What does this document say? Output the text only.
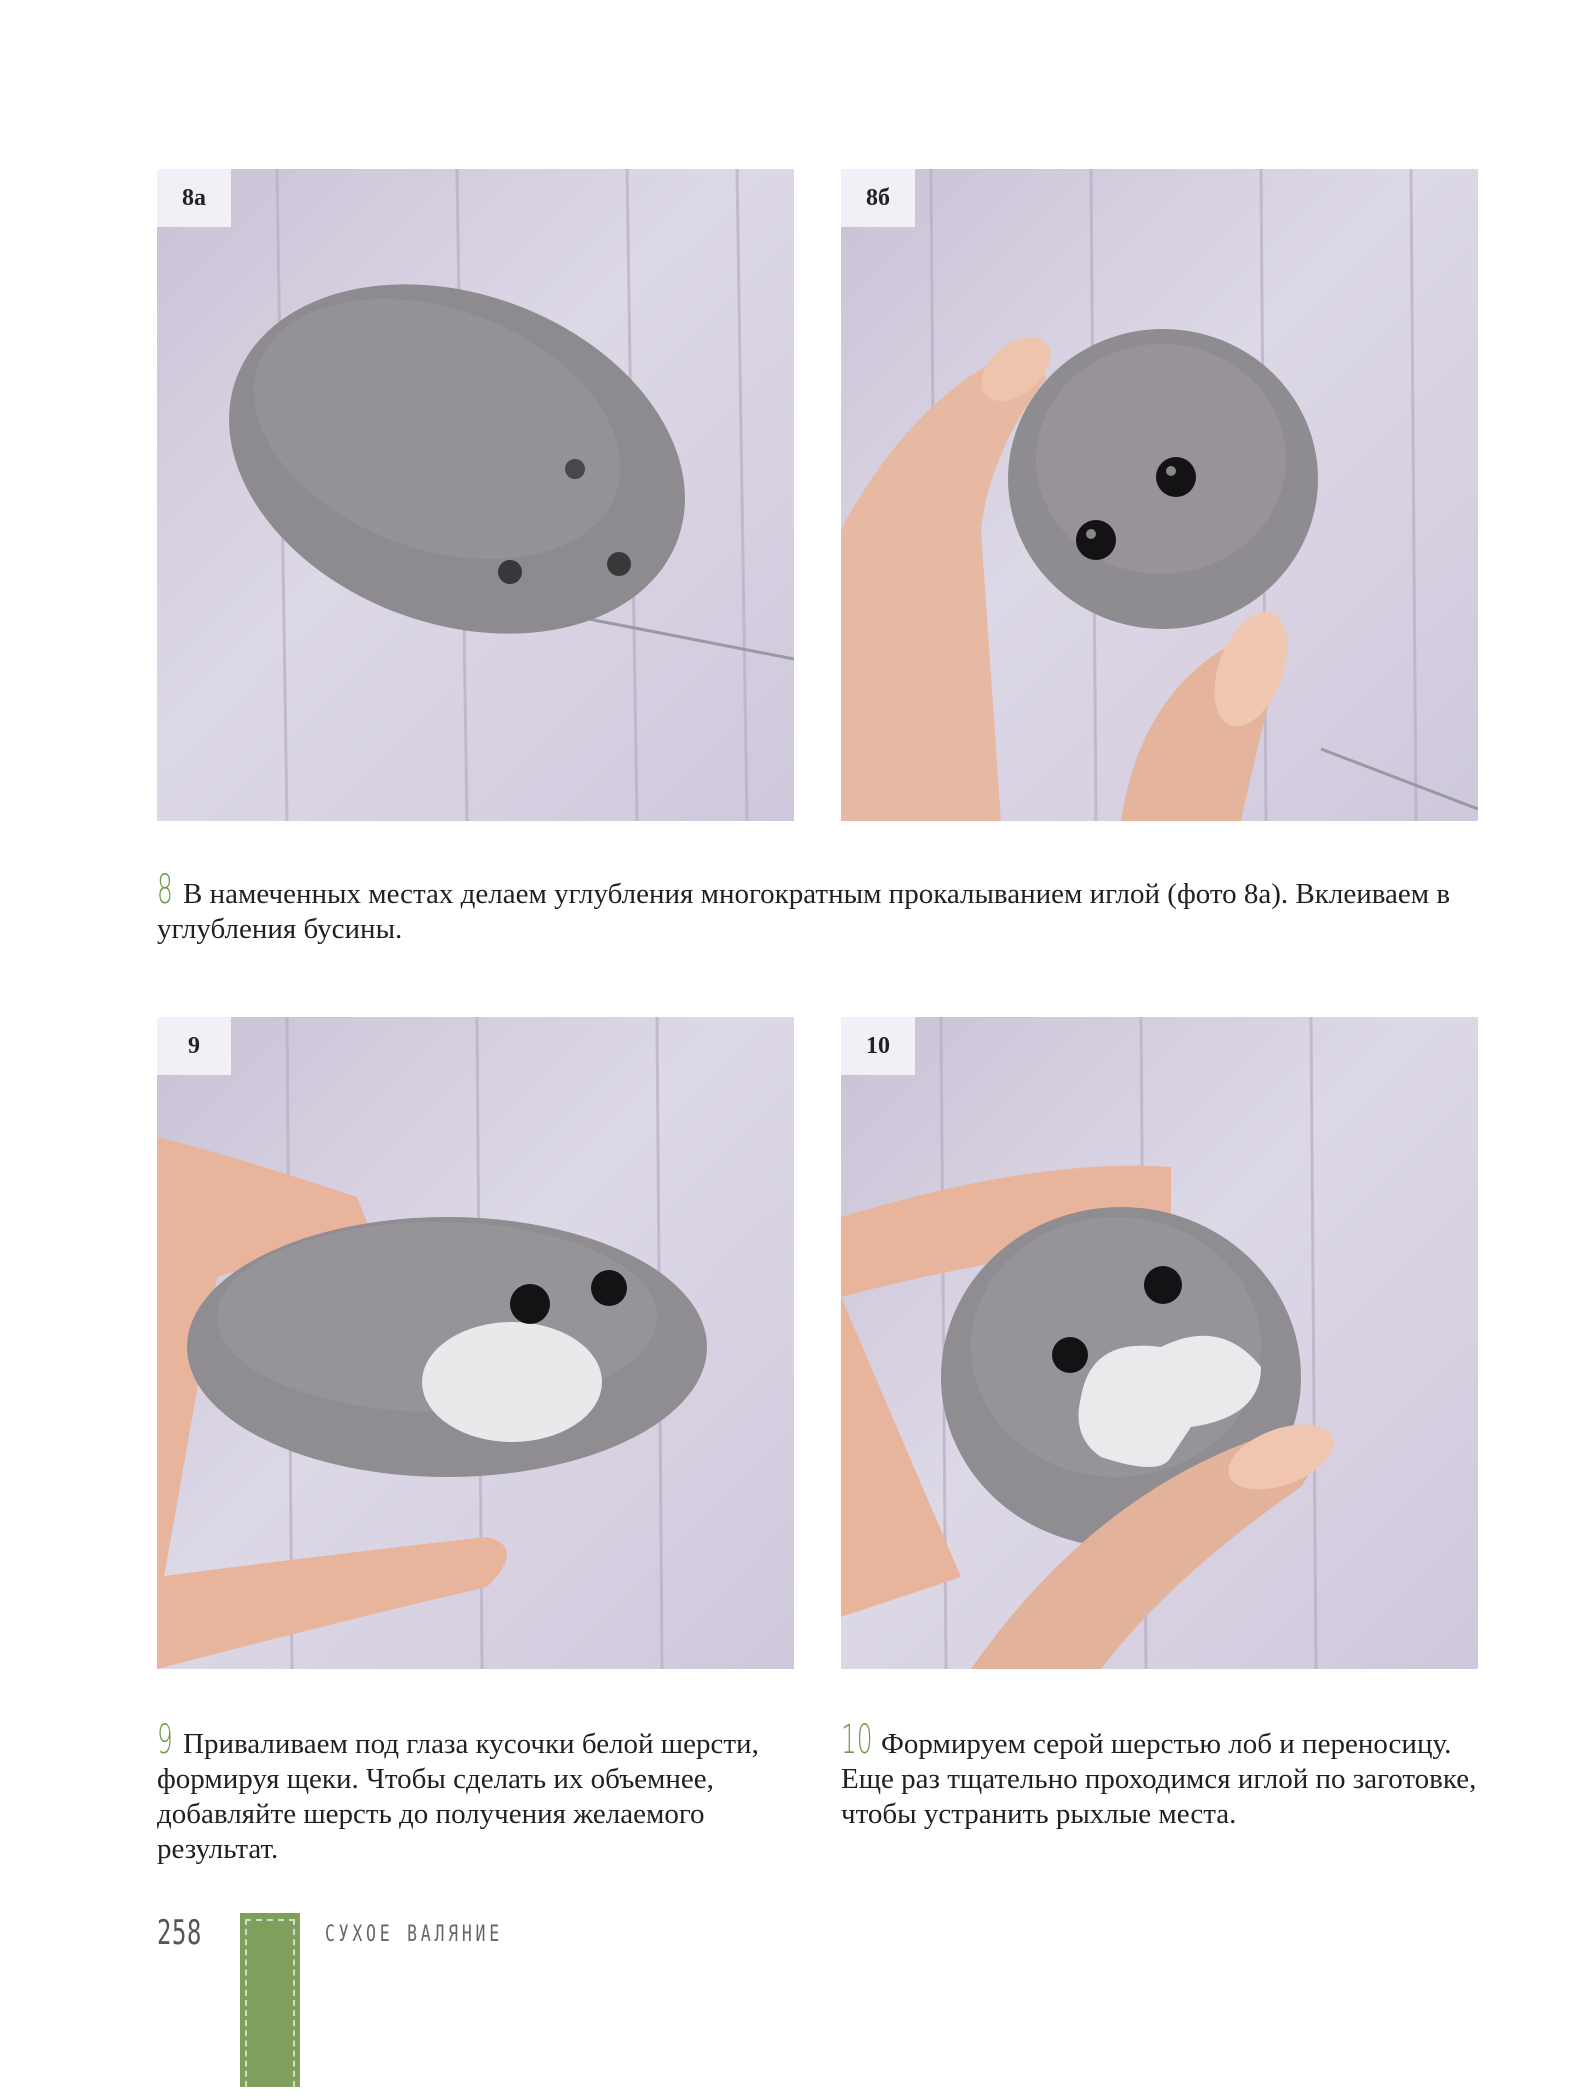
8а	8б
8 В намеченных местах делаем углубления многократным прокалыванием иглой (фото 8а). Вклеиваем в углубления бусины.
9	10
9 Приваливаем под глаза кусочки белой шерсти, формируя щеки. Чтобы сделать их объемнее, добавляйте шерсть до получения желаемого результат.
10 Формируем серой шерстью лоб и переносицу. Еще раз тщательно проходимся иглой по заготовке, чтобы устранить рыхлые места.
258	СУХОЕ ВАЛЯНИЕ
